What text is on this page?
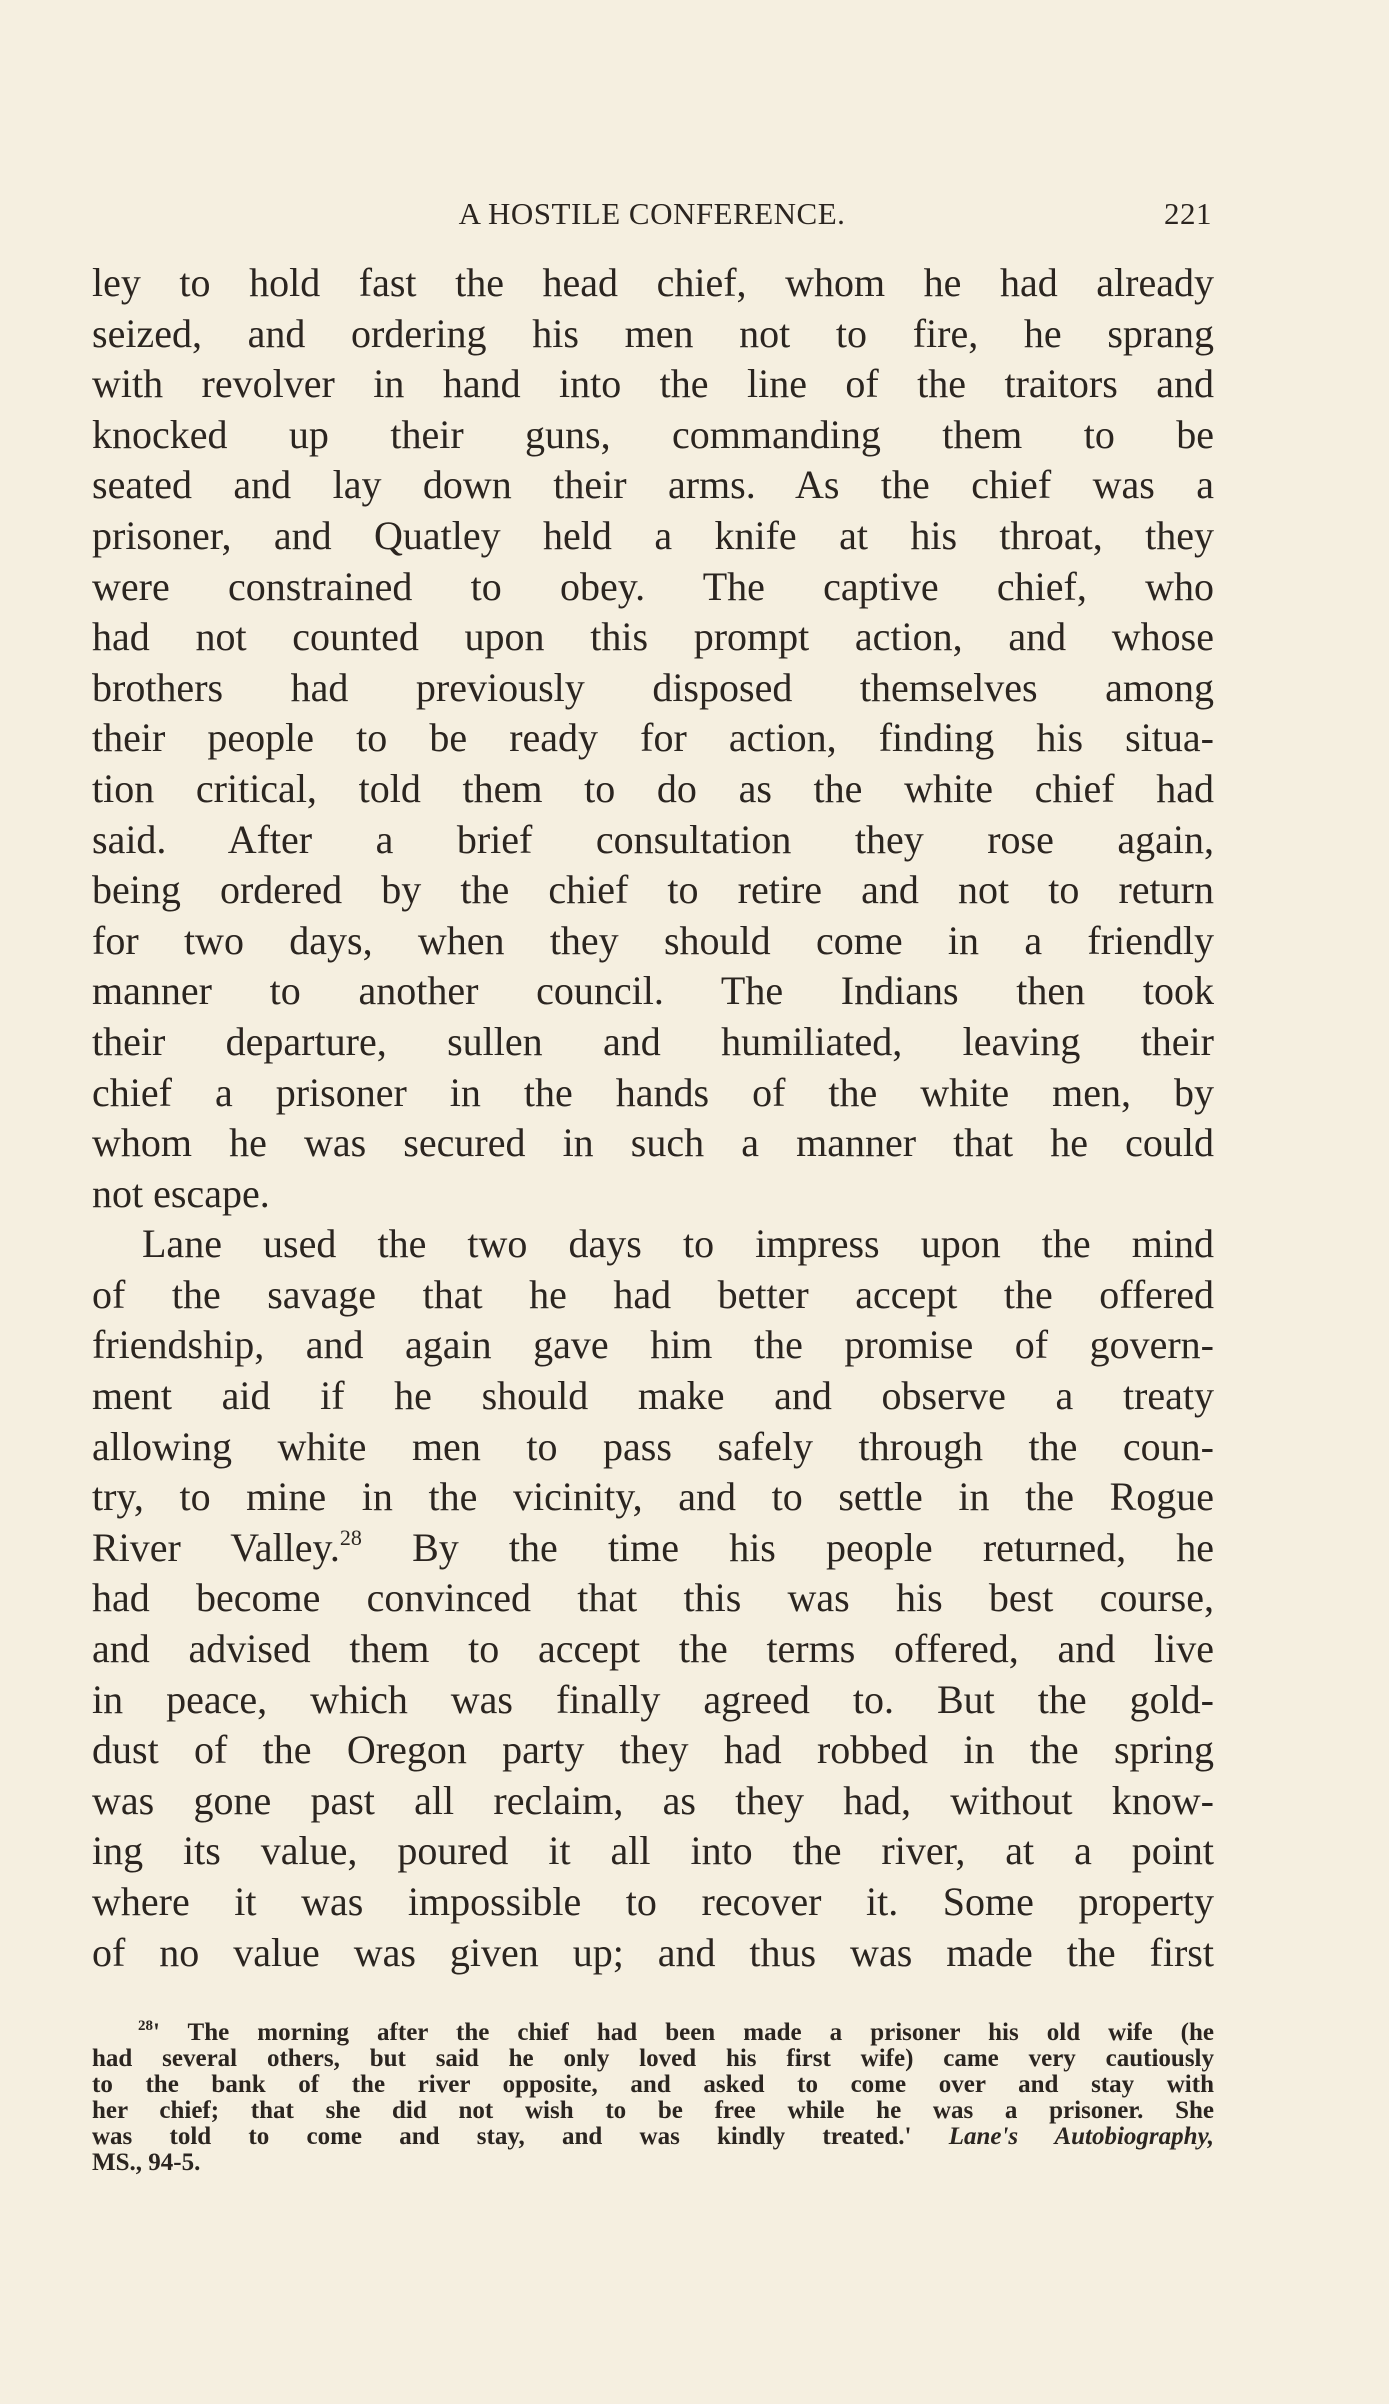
A HOSTILE CONFERENCE.	221
ley to hold fast the head chief, whom he had already
seized, and ordering his men not to fire, he sprang
with revolver in hand into the line of the traitors and
knocked up their guns, commanding them to be
seated and lay down their arms. As the chief was a
prisoner, and Quatley held a knife at his throat, they
were constrained to obey. The captive chief, who
had not counted upon this prompt action, and whose
brothers had previously disposed themselves among
their people to be ready for action, finding his situa-
tion critical, told them to do as the white chief had
said. After a brief consultation they rose again,
being ordered by the chief to retire and not to return
for two days, when they should come in a friendly
manner to another council. The Indians then took
their departure, sullen and humiliated, leaving their
chief a prisoner in the hands of the white men, by
whom he was secured in such a manner that he could
not escape.
Lane used the two days to impress upon the mind
of the savage that he had better accept the offered
friendship, and again gave him the promise of govern-
ment aid if he should make and observe a treaty
allowing white men to pass safely through the coun-
try, to mine in the vicinity, and to settle in the Rogue
River Valley.$^{28}$ By the time his people returned, he
had become convinced that this was his best course,
and advised them to accept the terms offered, and live
in peace, which was finally agreed to. But the gold-
dust of the Oregon party they had robbed in the spring
was gone past all reclaim, as they had, without know-
ing its value, poured it all into the river, at a point
where it was impossible to recover it. Some property
of no value was given up; and thus was made the first
$^{28}$' The morning after the chief had been made a prisoner his old wife (he
had several others, but said he only loved his first wife) came very cautiously
to the bank of the river opposite, and asked to come over and stay with
her chief; that she did not wish to be free while he was a prisoner. She
was told to come and stay, and was kindly treated.' Lane's Autobiography,
MS., 94-5.
